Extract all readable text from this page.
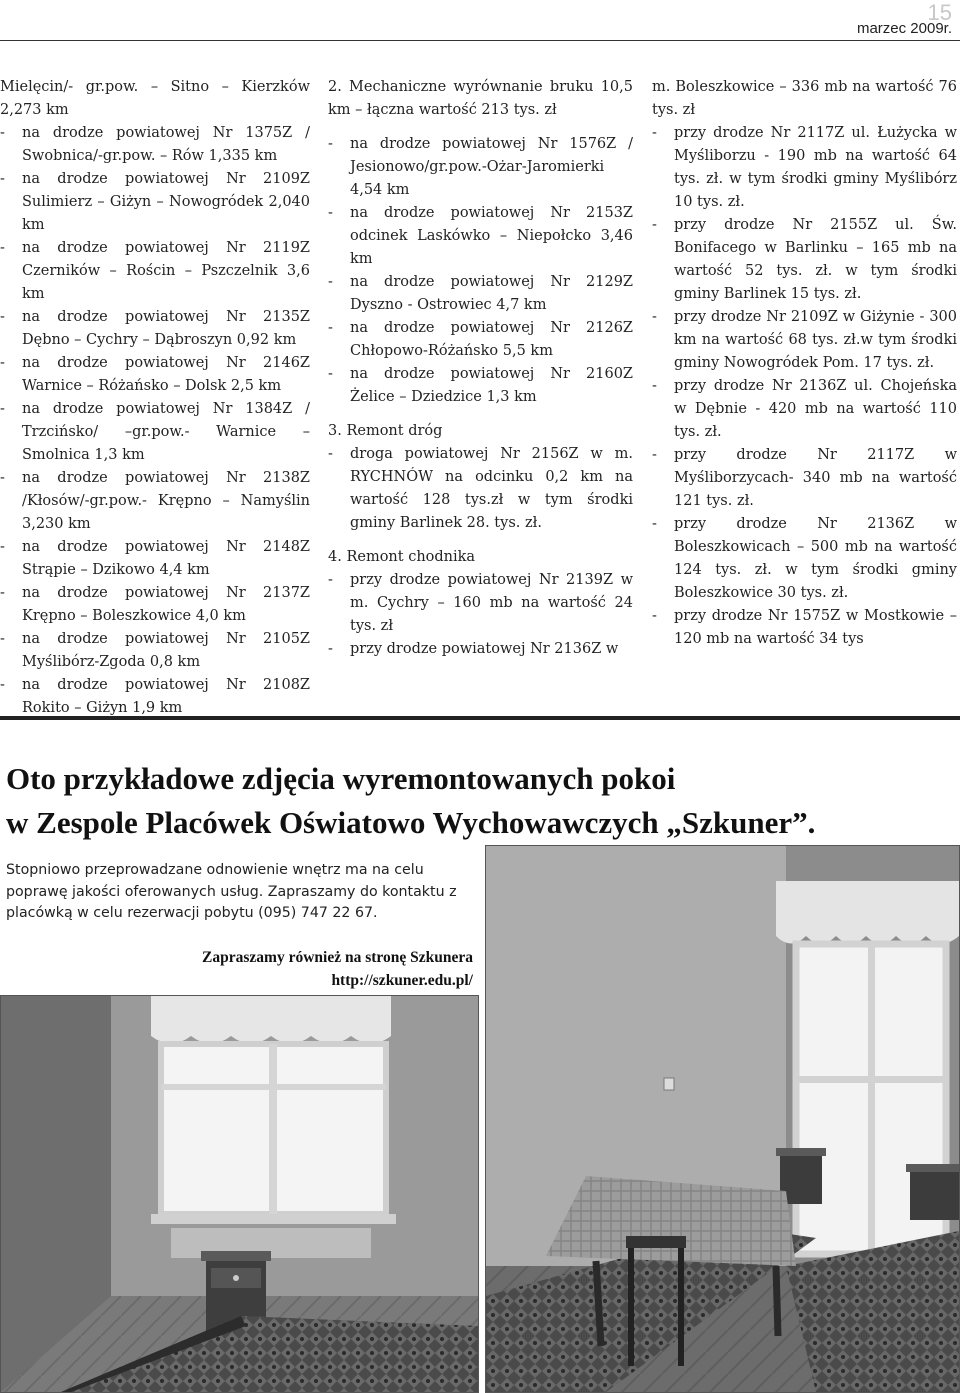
15
marzec 2009r.

Mielęcin/- gr.pow. – Sitno – Kierzków 2,273 km

-	na drodze powiatowej Nr 1375Z / Swobnica/-gr.pow. – Rów 1,335 km
-	na drodze powiatowej Nr 2109Z Sulimierz – Giżyn – Nowogródek 2,040 km
-	na drodze powiatowej Nr 2119Z Czerników – Rościn – Pszczelnik 3,6 km
-	na drodze powiatowej Nr 2135Z Dębno – Cychry – Dąbroszyn 0,92 km
-	na drodze powiatowej Nr 2146Z Warnice – Różańsko – Dolsk 2,5 km
-	na drodze powiatowej Nr 1384Z / Trzcińsko/ –gr.pow.- Warnice – Smolnica 1,3 km
-	na drodze powiatowej Nr 2138Z /Kłosów/-gr.pow.- Krępno – Namyślin 3,230 km
-	na drodze powiatowej Nr 2148Z Strąpie – Dzikowo 4,4 km
-	na drodze powiatowej Nr 2137Z Krępno – Boleszkowice 4,0 km
-	na drodze powiatowej Nr 2105Z Myślibórz-Zgoda 0,8 km
-	na drodze powiatowej Nr 2108Z Rokito – Giżyn 1,9 km

2. Mechaniczne wyrównanie bruku 10,5 km – łączna wartość 213 tys. zł

-	na drodze powiatowej Nr 1576Z / Jesionowo/gr.pow.-Ożar-Jaromierki 4,54 km
-	na drodze powiatowej Nr 2153Z odcinek Laskówko – Niepołcko 3,46 km
-	na drodze powiatowej Nr 2129Z Dyszno - Ostrowiec 4,7 km
-	na drodze powiatowej Nr 2126Z Chłopowo-Różańsko 5,5 km
-	na drodze powiatowej Nr 2160Z Żelice – Dziedzice 1,3 km

3. Remont dróg

-	droga powiatowej Nr 2156Z w m. RYCHNÓW na odcinku 0,2 km na wartość 128 tys.zł w tym środki gminy Barlinek 28. tys. zł.

4. Remont chodnika

-	przy drodze powiatowej Nr 2139Z w m. Cychry – 160 mb na wartość 24 tys. zł
-	przy drodze powiatowej Nr 2136Z w

m. Boleszkowice – 336 mb na wartość 76 tys. zł

-	przy drodze Nr 2117Z ul. Łużycka w Myśliborzu - 190 mb na wartość 64 tys. zł. w tym środki gminy Myślibórz 10 tys. zł.
-	przy drodze Nr 2155Z ul. Św. Bonifacego w Barlinku – 165 mb na wartość 52 tys. zł. w tym środki gminy Barlinek 15 tys. zł.
-	przy drodze Nr 2109Z w Giżynie - 300 km na wartość 68 tys. zł.w tym środki gminy Nowogródek Pom. 17 tys. zł.
-	przy drodze Nr 2136Z ul. Chojeńska w Dębnie - 420 mb na wartość 110 tys. zł.
-	przy drodze Nr 2117Z w Myśliborzycach- 340 mb na wartość 121 tys. zł.
-	przy drodze Nr 2136Z w Boleszkowicach – 500 mb na wartość 124 tys. zł. w tym środki gminy Boleszkowice 30 tys. zł.
-	przy drodze Nr 1575Z w Mostkowie – 120 mb na wartość 34 tys
Oto przykładowe zdjęcia wyremontowanych pokoi
w Zespole Placówek Oświatowo Wychowawczych „Szkuner”.

Stopniowo przeprowadzane odnowienie wnętrz ma na celu poprawę jakości oferowanych usług. Zapraszamy do kontaktu z placówką w celu rezerwacji pobytu (095) 747 22 67.

Zapraszamy również na stronę Szkunera

http://szkuner.edu.pl/
